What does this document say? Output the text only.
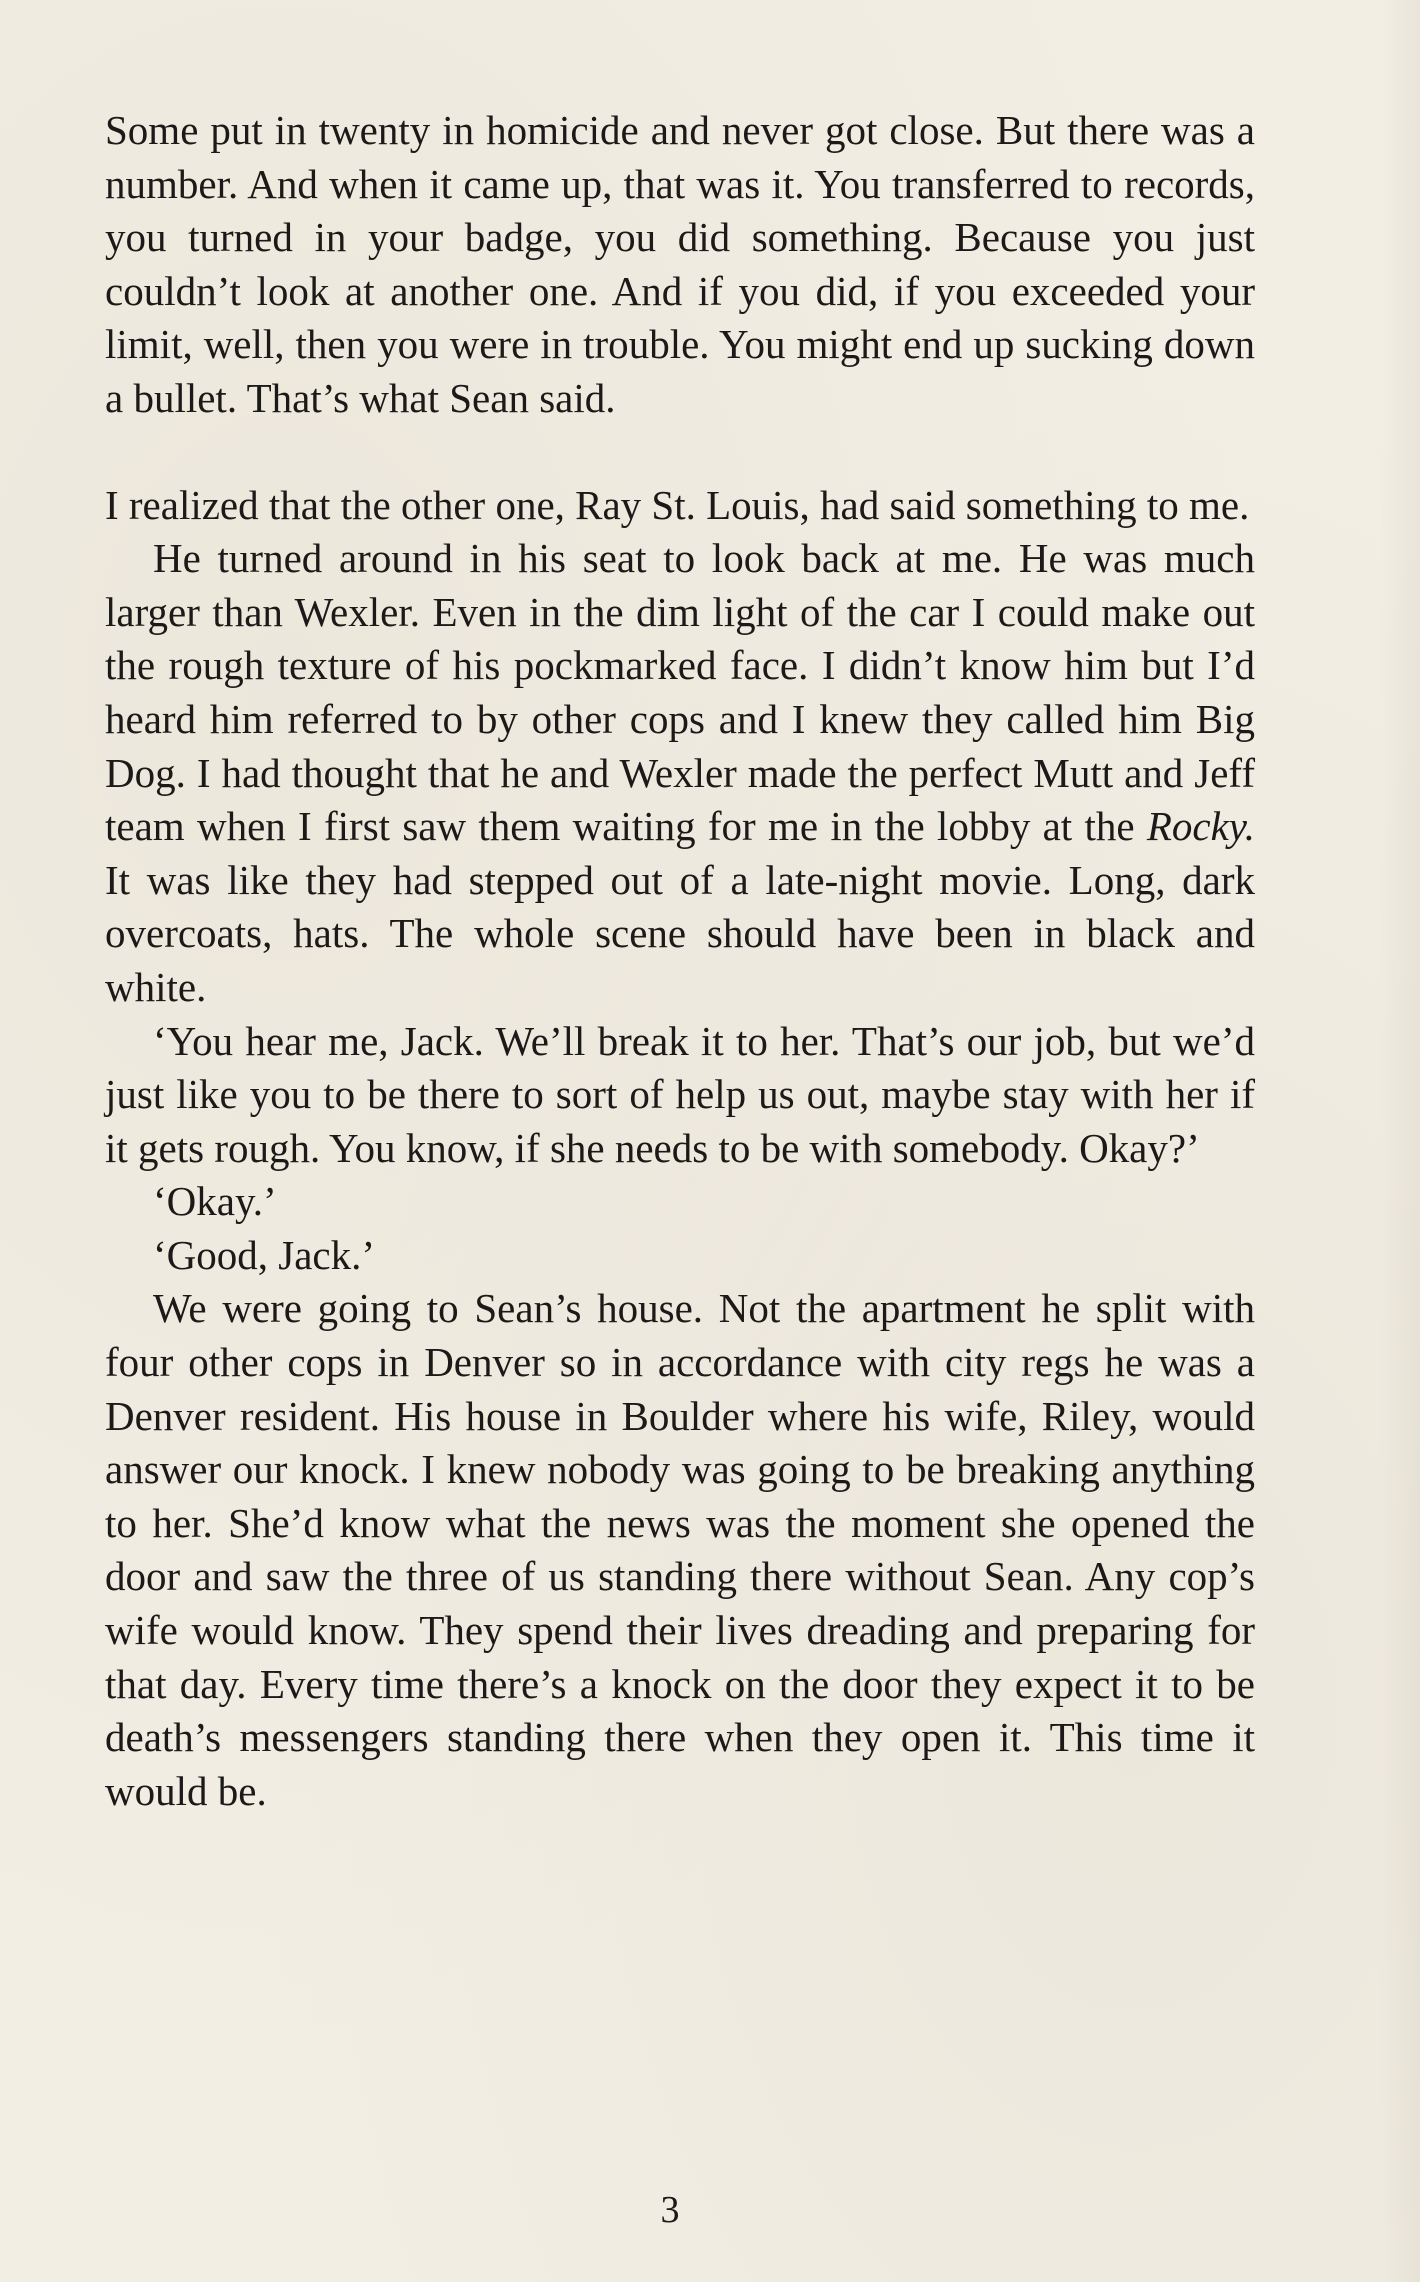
Some put in twenty in homicide and never got close. But there was a number. And when it came up, that was it. You transferred to records, you turned in your badge, you did something. Because you just couldn’t look at another one. And if you did, if you exceeded your limit, well, then you were in trouble. You might end up sucking down a bullet. That’s what Sean said.

I realized that the other one, Ray St. Louis, had said something to me.

He turned around in his seat to look back at me. He was much larger than Wexler. Even in the dim light of the car I could make out the rough texture of his pockmarked face. I didn’t know him but I’d heard him referred to by other cops and I knew they called him Big Dog. I had thought that he and Wexler made the perfect Mutt and Jeff team when I first saw them waiting for me in the lobby at the Rocky. It was like they had stepped out of a late-night movie. Long, dark overcoats, hats. The whole scene should have been in black and white.

‘You hear me, Jack. We’ll break it to her. That’s our job, but we’d just like you to be there to sort of help us out, maybe stay with her if it gets rough. You know, if she needs to be with somebody. Okay?’

‘Okay.’

‘Good, Jack.’

We were going to Sean’s house. Not the apartment he split with four other cops in Denver so in accordance with city regs he was a Denver resident. His house in Boulder where his wife, Riley, would answer our knock. I knew nobody was going to be breaking anything to her. She’d know what the news was the moment she opened the door and saw the three of us standing there without Sean. Any cop’s wife would know. They spend their lives dreading and preparing for that day. Every time there’s a knock on the door they expect it to be death’s messengers standing there when they open it. This time it would be.

3
